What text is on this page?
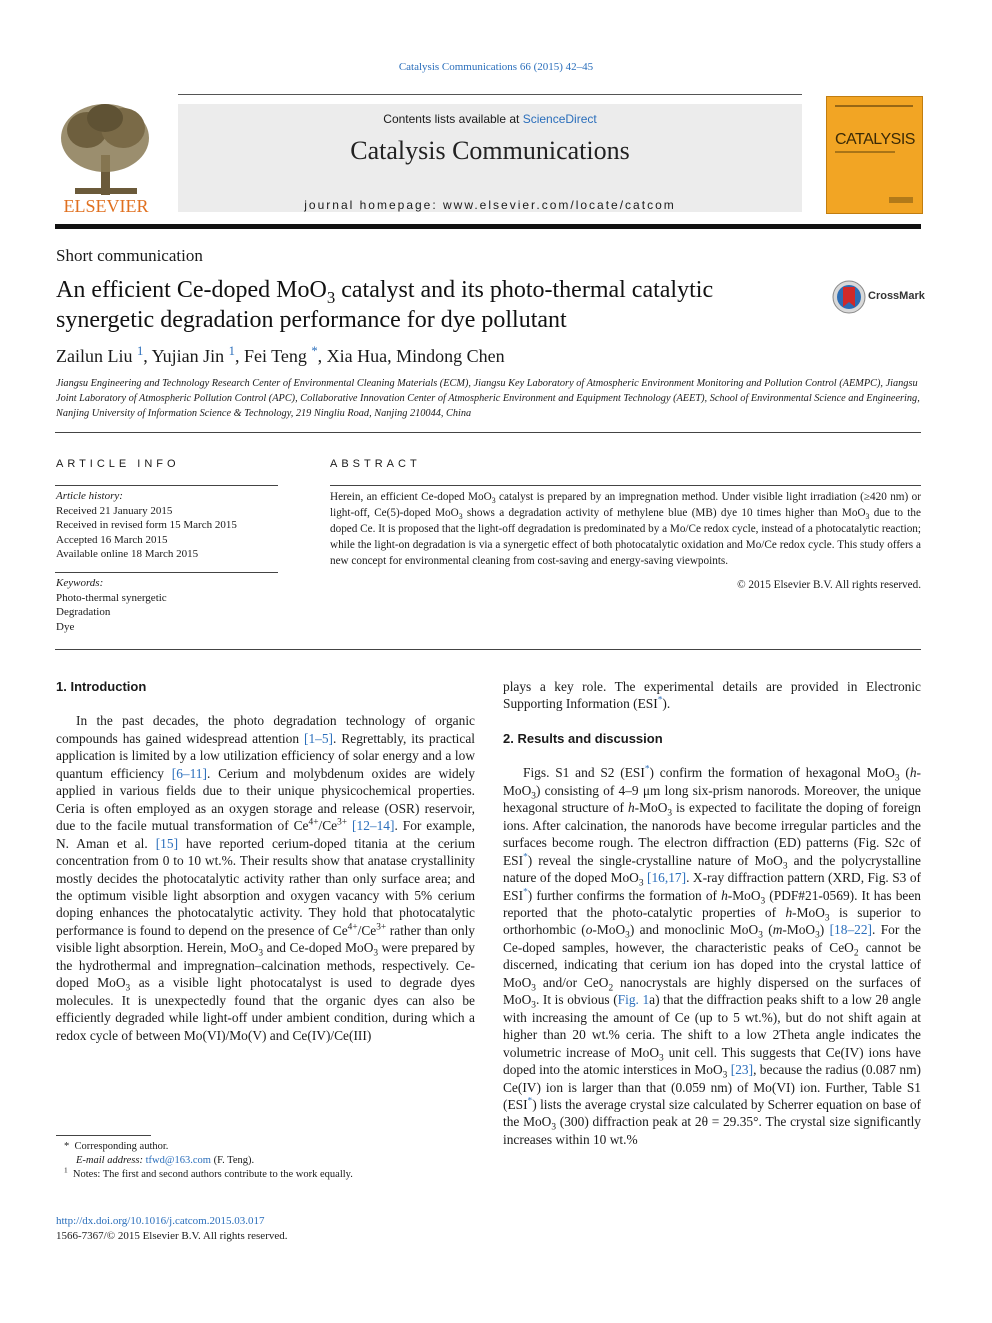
Catalysis Communications 66 (2015) 42–45
ELSEVIER
Contents lists available at ScienceDirect
Catalysis Communications
journal homepage: www.elsevier.com/locate/catcom
CATALYSIS
Short communication
An efficient Ce-doped MoO$_3$ catalyst and its photo-thermal catalytic
synergetic degradation performance for dye pollutant
CrossMark
Zailun Liu $^1$, Yujian Jin $^1$, Fei Teng *, Xia Hua, Mindong Chen
Jiangsu Engineering and Technology Research Center of Environmental Cleaning Materials (ECM), Jiangsu Key Laboratory of Atmospheric Environment Monitoring and Pollution Control (AEMPC), Jiangsu Joint Laboratory of Atmospheric Pollution Control (APC), Collaborative Innovation Center of Atmospheric Environment and Equipment Technology (AEET), School of Environmental Science and Engineering, Nanjing University of Information Science & Technology, 219 Ningliu Road, Nanjing 210044, China
ARTICLE INFO	ABSTRACT
Article history:
Received 21 January 2015
Received in revised form 15 March 2015
Accepted 16 March 2015
Available online 18 March 2015
Keywords:
Photo-thermal synergetic
Degradation
Dye
Herein, an efficient Ce-doped MoO$_3$ catalyst is prepared by an impregnation method. Under visible light irradiation (≥420 nm) or light-off, Ce(5)-doped MoO$_3$ shows a degradation activity of methylene blue (MB) dye 10 times higher than MoO$_3$ due to the doped Ce. It is proposed that the light-off degradation is predominated by a Mo/Ce redox cycle, instead of a photocatalytic reaction; while the light-on degradation is via a synergetic effect of both photocatalytic oxidation and Mo/Ce redox cycle. This study offers a new concept for environmental cleaning from cost-saving and energy-saving viewpoints.
© 2015 Elsevier B.V. All rights reserved.
1. Introduction

In the past decades, the photo degradation technology of organic compounds has gained widespread attention [1–5]. Regrettably, its practical application is limited by a low utilization efficiency of solar energy and a low quantum efficiency [6–11]. Cerium and molybdenum oxides are widely applied in various fields due to their unique physicochemical properties. Ceria is often employed as an oxygen storage and release (OSR) reservoir, due to the facile mutual transformation of $Ce^{4+}/Ce^{3+}$ [12–14]. For example, N. Aman et al. [15] have reported cerium-doped titania at the cerium concentration from 0 to 10 wt.%. Their results show that anatase crystallinity mostly decides the photocatalytic activity rather than only surface area; and the optimum visible light absorption and oxygen vacancy with 5% cerium doping enhances the photocatalytic activity. They hold that photocatalytic performance is found to depend on the presence of $Ce^{4+}/Ce^{3+}$ rather than only visible light absorption. Herein, MoO$_3$ and Ce-doped MoO$_3$ were prepared by the hydrothermal and impregnation–calcination methods, respectively. Ce-doped MoO$_3$ as a visible light photocatalyst is used to degrade dyes molecules. It is unexpectedly found that the organic dyes can also be efficiently degraded while light-off under ambient condition, during which a redox cycle of between Mo(VI)/Mo(V) and Ce(IV)/Ce(III)

plays a key role. The experimental details are provided in Electronic Supporting Information (ESI*).

2. Results and discussion

Figs. S1 and S2 (ESI*) confirm the formation of hexagonal MoO$_3$ (h-MoO$_3$) consisting of 4–9 μm long six-prism nanorods. Moreover, the unique hexagonal structure of h-MoO$_3$ is expected to facilitate the doping of foreign ions. After calcination, the nanorods have become irregular particles and the surfaces become rough. The electron diffraction (ED) patterns (Fig. S2c of ESI*) reveal the single-crystalline nature of MoO$_3$ and the polycrystalline nature of the doped MoO$_3$ [16,17]. X-ray diffraction pattern (XRD, Fig. S3 of ESI*) further confirms the formation of h-MoO$_3$ (PDF#21-0569). It has been reported that the photo-catalytic properties of h-MoO$_3$ is superior to orthorhombic (o-MoO$_3$) and monoclinic MoO$_3$ (m-MoO$_3$) [18–22]. For the Ce-doped samples, however, the characteristic peaks of CeO$_2$ cannot be discerned, indicating that cerium ion has doped into the crystal lattice of MoO$_3$ and/or CeO$_2$ nanocrystals are highly dispersed on the surfaces of MoO$_3$. It is obvious (Fig. 1a) that the diffraction peaks shift to a low 2θ angle with increasing the amount of Ce (up to 5 wt.%), but do not shift again at higher than 20 wt.% ceria. The shift to a low 2Theta angle indicates the volumetric increase of MoO$_3$ unit cell. This suggests that Ce(IV) ions have doped into the atomic interstices in MoO$_3$ [23], because the radius (0.087 nm) Ce(IV) ion is larger than that (0.059 nm) of Mo(VI) ion. Further, Table S1 (ESI*) lists the average crystal size calculated by Scherrer equation on base of the MoO$_3$ (300) diffraction peak at 2θ = 29.35°. The crystal size significantly increases within 10 wt.%

*  Corresponding author.
E-mail address: tfwd@163.com (F. Teng).
$^1$ Notes: The first and second authors contribute to the work equally.
http://dx.doi.org/10.1016/j.catcom.2015.03.017
1566-7367/© 2015 Elsevier B.V. All rights reserved.
